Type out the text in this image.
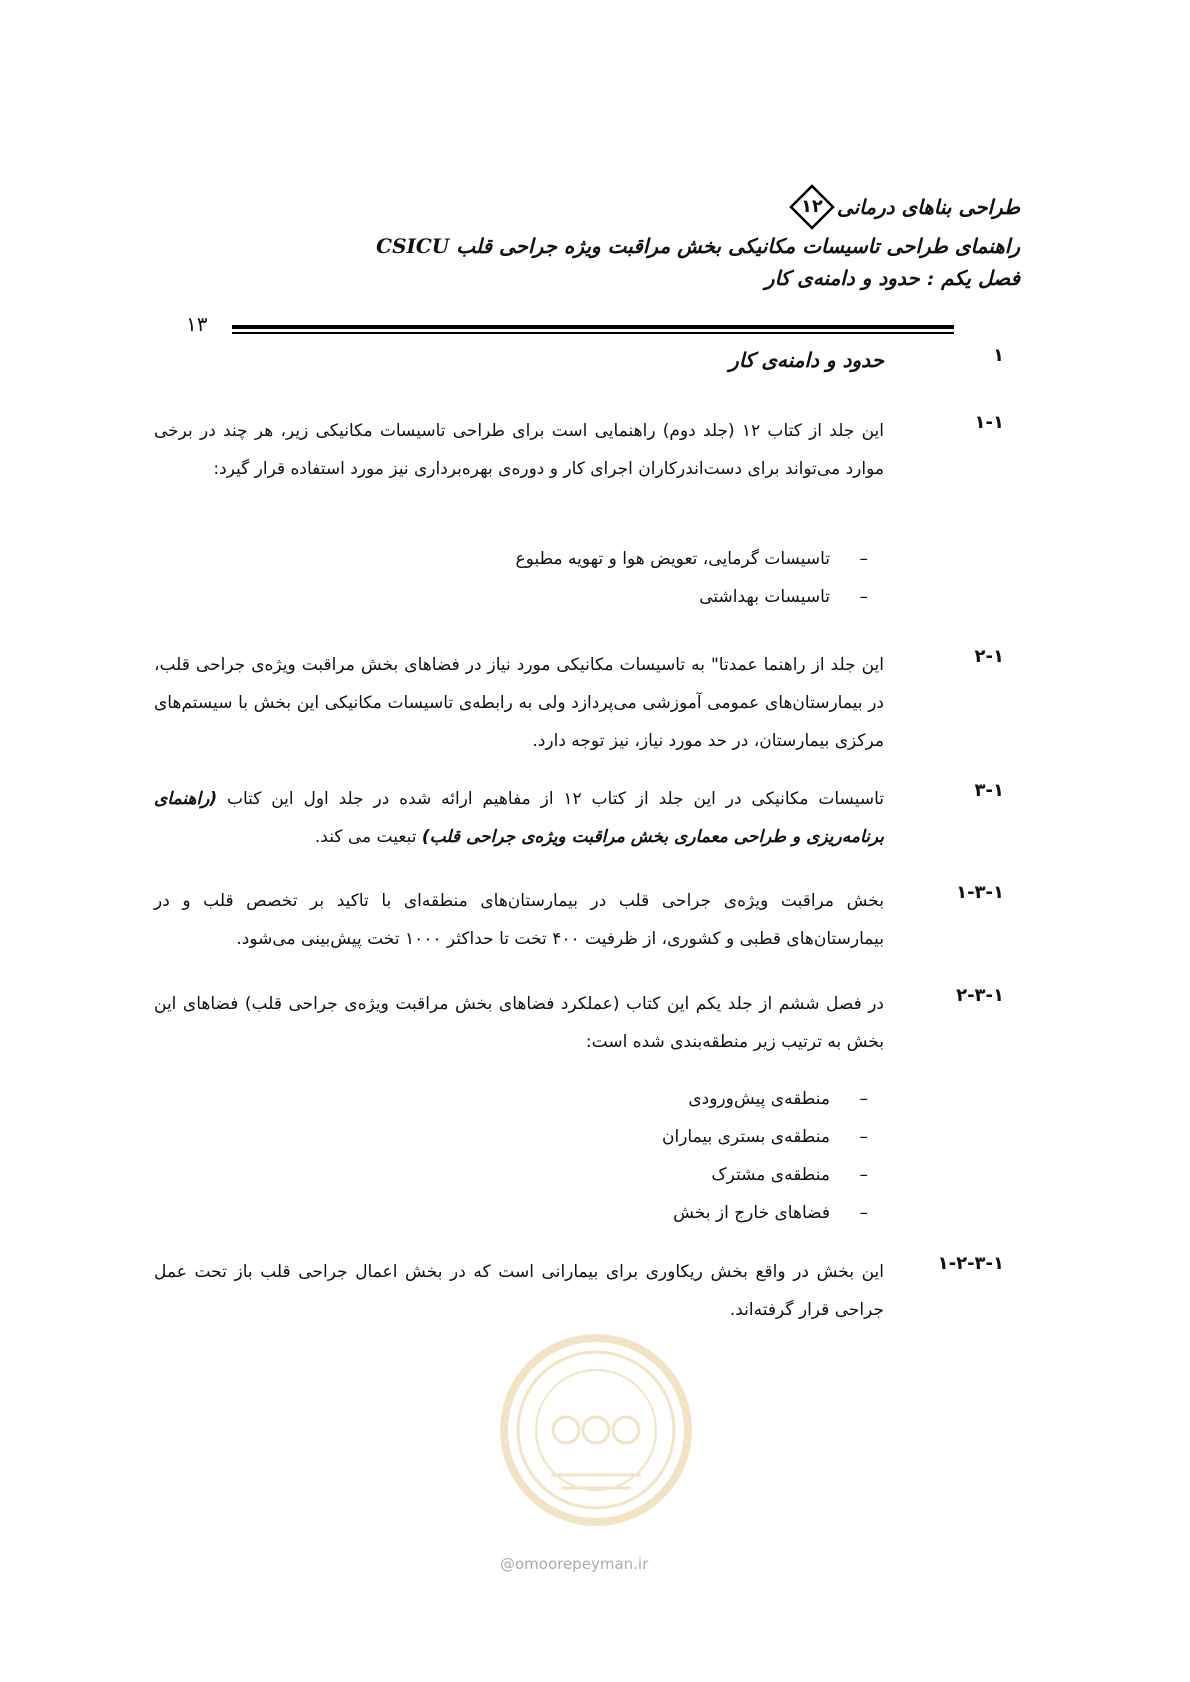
طراحی بناهای درمانی
۱۲
راهنمای طراحی تاسیسات مکانیکی بخش مراقبت ویژه جراحی قلب CSICU
فصل یکم : حدود و دامنه‌ی کار
۱۳
۱
حدود و دامنه‌ی کار
۱-۱
این جلد از کتاب ۱۲ (جلد دوم) راهنمایی است برای طراحی تاسیسات مکانیکی زیر، هر چند در برخی موارد می‌تواند برای دست‌اندرکاران اجرای کار و دوره‌ی بهره‌برداری نیز مورد استفاده قرار گیرد:
–تاسیسات گرمایی، تعویض هوا و تهویه مطبوع
–تاسیسات بهداشتی
۲-۱
این جلد از راهنما عمدتا" به تاسیسات مکانیکی مورد نیاز در فضاهای بخش مراقبت ویژه‌ی جراحی قلب، در بیمارستان‌های عمومی آموزشی می‌پردازد ولی به رابطه‌ی تاسیسات مکانیکی این بخش با سیستم‌های مرکزی بیمارستان، در حد مورد نیاز، نیز توجه دارد.
۳-۱
تاسیسات مکانیکی در این جلد از کتاب ۱۲ از مفاهیم ارائه شده در جلد اول این کتاب (راهنمای برنامه‌ریزی و طراحی معماری بخش مراقبت ویژه‌ی جراحی قلب) تبعیت می کند.
۱-۳-۱
بخش مراقبت ویژه‌ی جراحی قلب در بیمارستان‌های منطقه‌ای با تاکید بر تخصص قلب و در بیمارستان‌های قطبی و کشوری، از ظرفیت ۴۰۰ تخت تا حداکثر ۱۰۰۰ تخت پیش‌بینی می‌شود.
۲-۳-۱
در فصل ششم از جلد یکم این کتاب (عملکرد فضاهای بخش مراقبت ویژه‌ی جراحی قلب) فضاهای این بخش به ترتیب زیر منطقه‌بندی شده است:
–منطقه‌ی پیش‌ورودی
–منطقه‌ی بستری بیماران
–منطقه‌ی مشترک
–فضاهای خارج از بخش
۱-۲-۳-۱
این بخش در واقع بخش ریکاوری برای بیمارانی است که در بخش اعمال جراحی قلب باز تحت عمل جراحی قرار گرفته‌اند.
@omoorepeyman.ir
